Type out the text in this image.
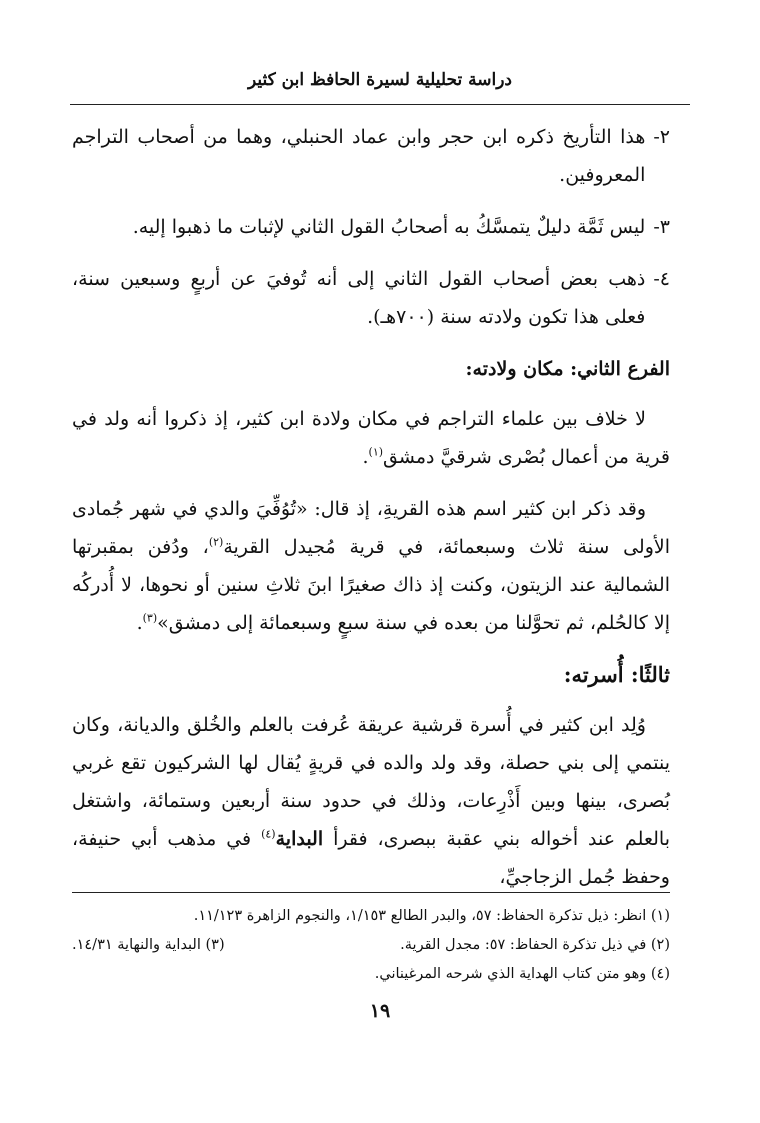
دراسة تحليلية لسيرة الحافظ ابن كثير
٢-
هذا التأريخ ذكره ابن حجر وابن عماد الحنبلي، وهما من أصحاب التراجم المعروفين.
٣-
ليس ثَمَّة دليلٌ يتمسَّكُ به أصحابُ القول الثاني لإثبات ما ذهبوا إليه.
٤-
ذهب بعض أصحاب القول الثاني إلى أنه تُوفيَ عن أربعٍ وسبعين سنة، فعلى هذا تكون ولادته سنة (٧٠٠هـ).
الفرع الثاني: مكان ولادته:

لا خلاف بين علماء التراجم في مكان ولادة ابن كثير، إذ ذكروا أنه ولد في قرية من أعمال بُصْرى شرقيَّ دمشق$^{(١)}$.

وقد ذكر ابن كثير اسم هذه القريةِ، إذ قال: «تُوُفِّيَ والدي في شهر جُمادى الأولى سنة ثلاث وسبعمائة، في قرية مُجيدل القرية$^{(٢)}$، ودُفن بمقبرتها الشمالية عند الزيتون، وكنت إذ ذاك صغيرًا ابنَ ثلاثِ سنين أو نحوها، لا أُدركُه إلا كالحُلم، ثم تحوَّلنا من بعده في سنة سبعٍ وسبعمائة إلى دمشق»$^{(٣)}$.

ثالثًا: أُسرته:

وُلِد ابن كثير في أُسرة قرشية عريقة عُرفت بالعلم والخُلق والديانة، وكان ينتمي إلى بني حصلة، وقد ولد والده في قريةٍ يُقال لها الشركيون تقع غربي بُصرى، بينها وبين أَذْرِعات، وذلك في حدود سنة أربعين وستمائة، واشتغل بالعلم عند أخواله بني عقبة ببصرى، فقرأ البداية$^{(٤)}$ في مذهب أبي حنيفة، وحفظ جُمل الزجاجيِّ،

(١) انظر: ذيل تذكرة الحفاظ: ٥٧، والبدر الطالع ١/١٥٣، والنجوم الزاهرة ١١/١٢٣.
(٢) في ذيل تذكرة الحفاظ: ٥٧: مجدل القرية.
(٣) البداية والنهاية ١٤/٣١.
(٤) وهو متن كتاب الهداية الذي شرحه المرغيناني.
١٩
